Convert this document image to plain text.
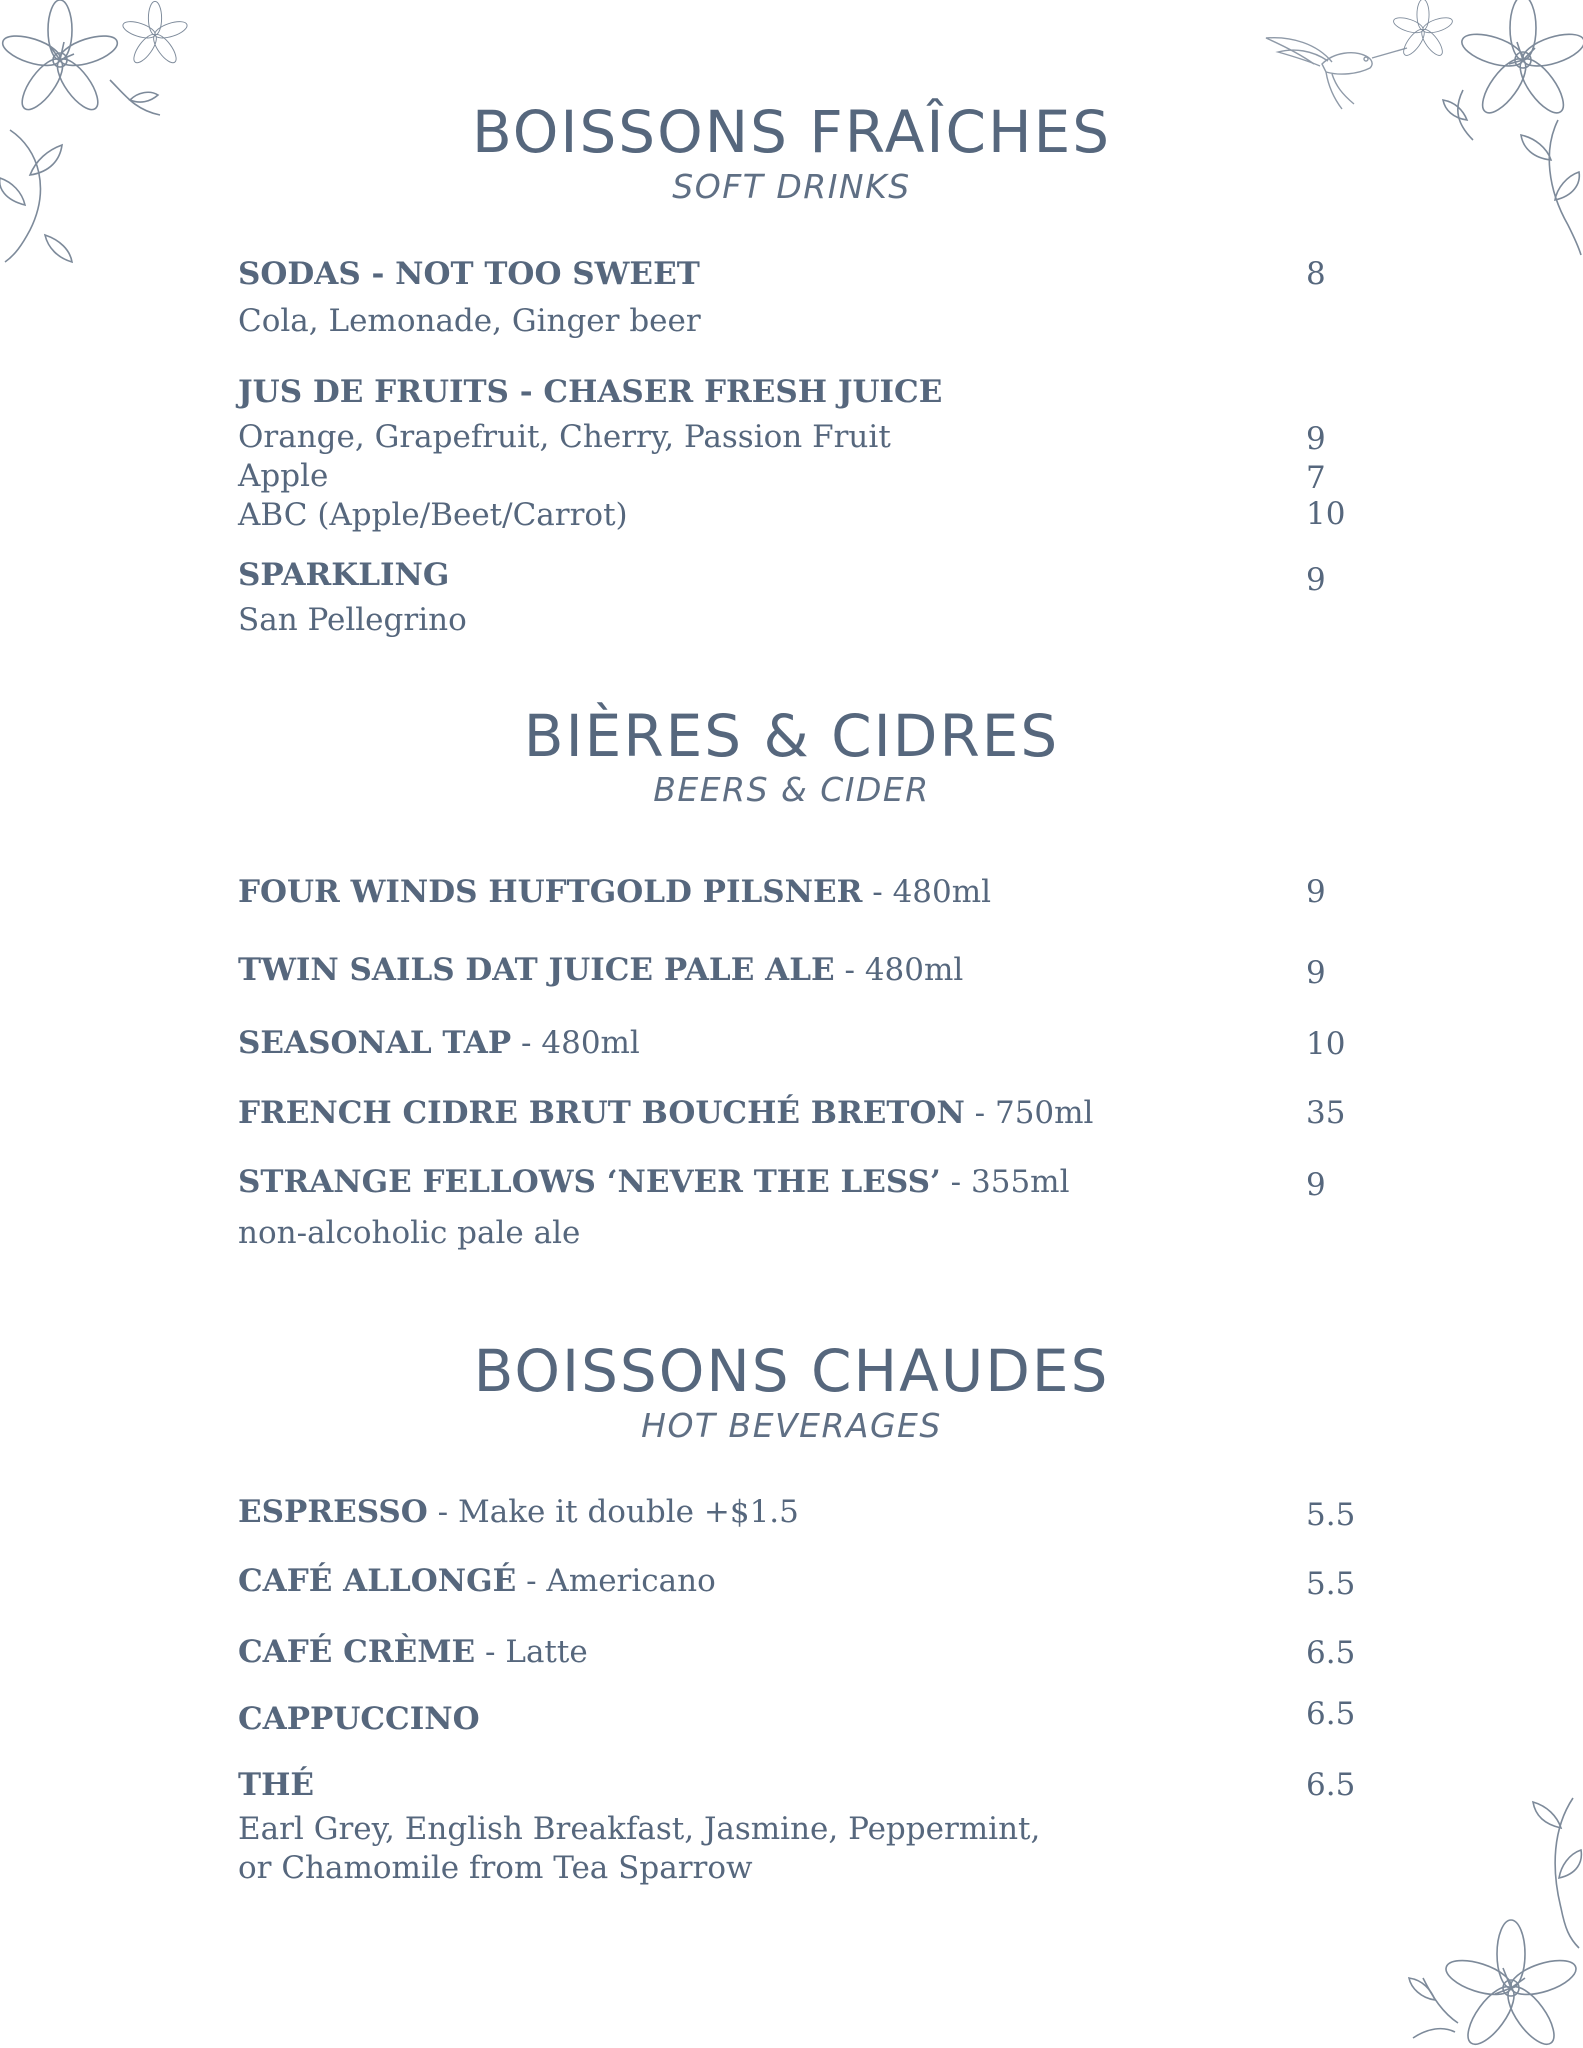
BOISSONS FRAÎCHES
SOFT DRINKS
SODAS - NOT TOO SWEET	8
Cola, Lemonade, Ginger beer
JUS DE FRUITS - CHASER FRESH JUICE
Orange, Grapefruit, Cherry, Passion Fruit	9
Apple	7
ABC (Apple/Beet/Carrot)	10
SPARKLING	9
San Pellegrino
BIÈRES & CIDRES
BEERS & CIDER
FOUR WINDS HUFTGOLD PILSNER - 480ml	9
TWIN SAILS DAT JUICE PALE ALE - 480ml	9
SEASONAL TAP - 480ml	10
FRENCH CIDRE BRUT BOUCHÉ BRETON - 750ml	35
STRANGE FELLOWS ‘NEVER THE LESS’ - 355ml	9
non-alcoholic pale ale
BOISSONS CHAUDES
HOT BEVERAGES
ESPRESSO - Make it double +$1.5	5.5
CAFÉ ALLONGÉ - Americano	5.5
CAFÉ CRÈME - Latte	6.5
CAPPUCCINO	6.5
THÉ	6.5
Earl Grey, English Breakfast, Jasmine, Peppermint,
or Chamomile from Tea Sparrow
